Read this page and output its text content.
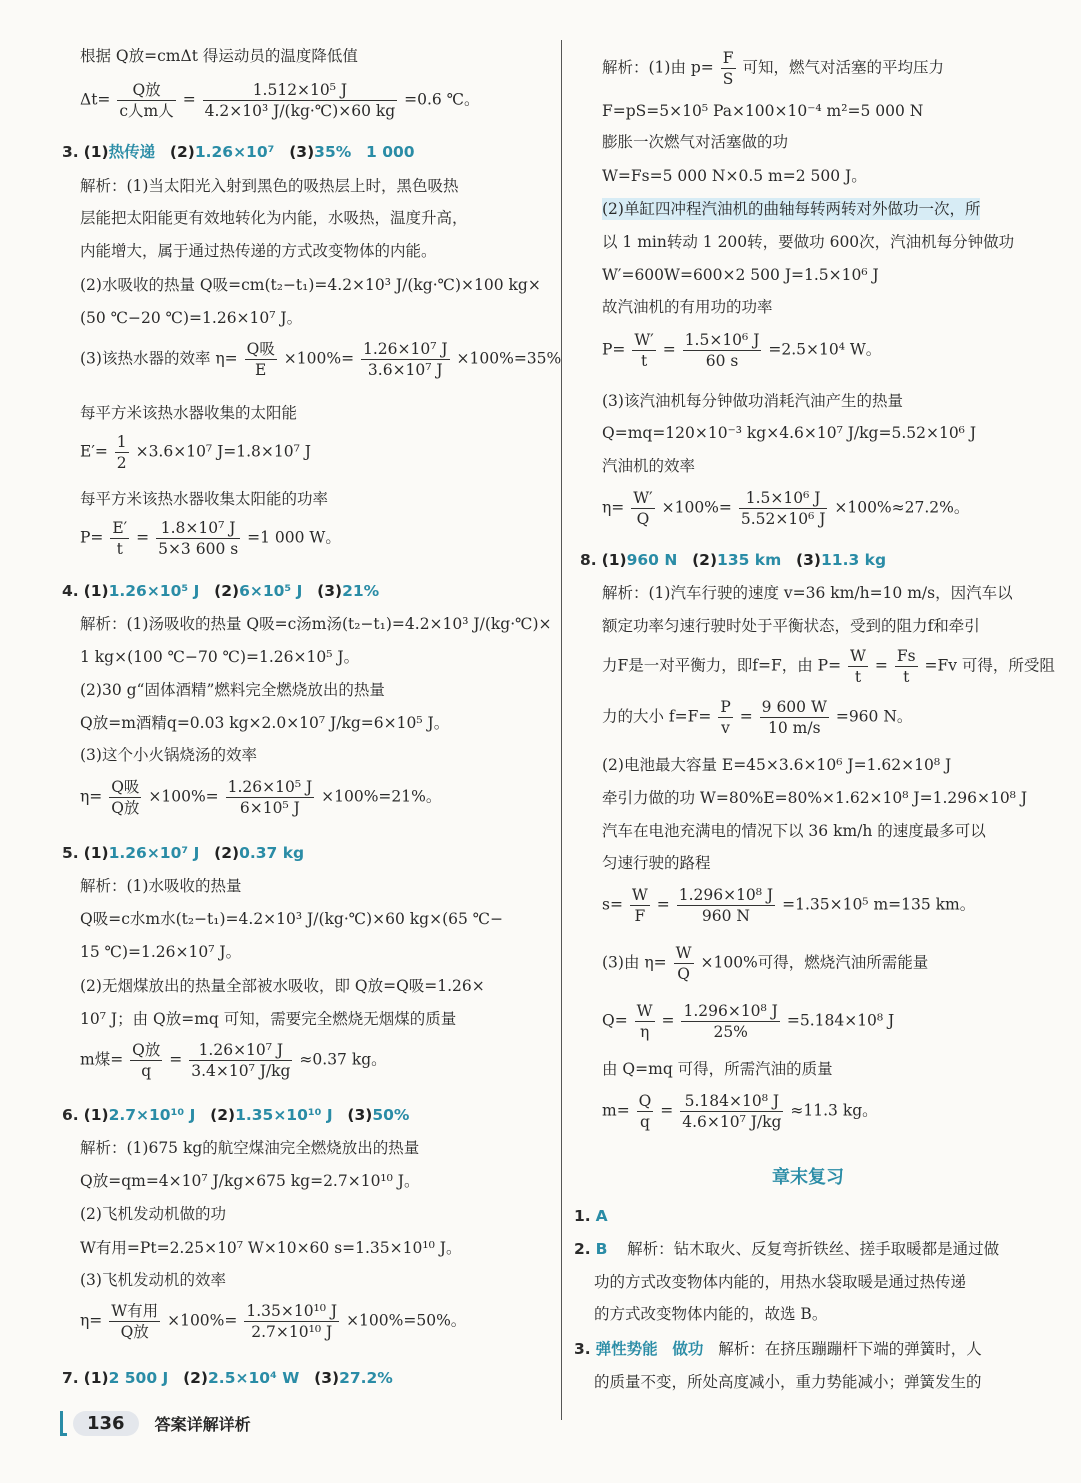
根据 Q放=cmΔt 得运动员的温度降低值
$\Delta t= \frac{\text{Q放}}{\text{c人m人}} = \frac{\text{1.512×10⁵ J}}{\text{4.2×10³ J/(kg·℃)×60 kg}} =0.6$ ℃。
3. (1)热传递 (2)1.26×10⁷ (3)35% 1 000
解析：(1)当太阳光入射到黑色的吸热层上时，黑色吸热
层能把太阳能更有效地转化为内能，水吸热，温度升高，
内能增大，属于通过热传递的方式改变物体的内能。
(2)水吸收的热量 Q吸=cm(t₂−t₁)=4.2×10³ J/(kg·℃)×100 kg×
(50 ℃−20 ℃)=1.26×10⁷ J。
(3)该热水器的效率 $\eta= \frac{\text{Q吸}}{E} \times 100\%= \frac{\text{1.26×10⁷ J}}{\text{3.6×10⁷ J}} \times 100\%=35\%$
每平方米该热水器收集的太阳能
$E'= \frac{1}{2} \times 3.6\times 10^7$ J=1.8×10⁷ J
每平方米该热水器收集太阳能的功率
$P= \frac{E'}{t} = \frac{\text{1.8×10⁷ J}}{5\times 3 600 s} =1$ 000 W。
4. (1)1.26×10⁵ J (2)6×10⁵ J (3)21%
解析：(1)汤吸收的热量 Q吸=c汤m汤(t₂−t₁)=4.2×10³ J/(kg·℃)×
1 kg×(100 ℃−70 ℃)=1.26×10⁵ J。
(2)30 g“固体酒精”燃料完全燃烧放出的热量
Q放=m酒精q=0.03 kg×2.0×10⁷ J/kg=6×10⁵ J。
(3)这个小火锅烧汤的效率
$\eta= \frac{\text{Q吸}}{\text{Q放}} \times 100\%= \frac{\text{1.26×10⁵ J}}{\text{6×10⁵ J}} \times 100\%=21\%$。
5. (1)1.26×10⁷ J (2)0.37 kg
解析：(1)水吸收的热量
Q吸=c水m水(t₂−t₁)=4.2×10³ J/(kg·℃)×60 kg×(65 ℃−
15 ℃)=1.26×10⁷ J。
(2)无烟煤放出的热量全部被水吸收，即 Q放=Q吸=1.26×
10⁷ J；由 Q放=mq 可知，需要完全燃烧无烟煤的质量
m煤= $\frac{\text{Q放}}{q} = \frac{\text{1.26×10⁷ J}}{\text{3.4×10⁷ J/kg}} \approx 0.37$ kg。
6. (1)2.7×10¹⁰ J (2)1.35×10¹⁰ J (3)50%
解析：(1)675 kg的航空煤油完全燃烧放出的热量
Q放=qm=4×10⁷ J/kg×675 kg=2.7×10¹⁰ J。
(2)飞机发动机做的功
W有用=Pt=2.25×10⁷ W×10×60 s=1.35×10¹⁰ J。
(3)飞机发动机的效率
$\eta= \frac{\text{W有用}}{\text{Q放}} \times 100\%= \frac{\text{1.35×10¹⁰ J}}{\text{2.7×10¹⁰ J}} \times 100\%=50\%$。
7. (1)2 500 J (2)2.5×10⁴ W (3)27.2%
解析：(1)由 $p= \frac{F}{S}$ 可知，燃气对活塞的平均压力
F=pS=5×10⁵ Pa×100×10⁻⁴ m²=5 000 N
膨胀一次燃气对活塞做的功
W=Fs=5 000 N×0.5 m=2 500 J。
(2)单缸四冲程汽油机的曲轴每转两转对外做功一次，所
以 1 min转动 1 200转，要做功 600次，汽油机每分钟做功
W′=600W=600×2 500 J=1.5×10⁶ J
故汽油机的有用功的功率
$P= \frac{W'}{t} = \frac{\text{1.5×10⁶ J}}{60 s} =2.5\times 10^4$ W。
(3)该汽油机每分钟做功消耗汽油产生的热量
Q=mq=120×10⁻³ kg×4.6×10⁷ J/kg=5.52×10⁶ J
汽油机的效率
$\eta= \frac{W'}{Q} \times 100\%= \frac{\text{1.5×10⁶ J}}{\text{5.52×10⁶ J}} \times 100\%\approx 27.2\%$。
8. (1)960 N (2)135 km (3)11.3 kg
解析：(1)汽车行驶的速度 v=36 km/h=10 m/s，因汽车以
额定功率匀速行驶时处于平衡状态，受到的阻力f和牵引
力F是一对平衡力，即f=F，由 $P= \frac{W}{t} = \frac{Fs}{t} =Fv$ 可得，所受阻
力的大小 $f=F= \frac{P}{v} = \frac{9 600 W}{10 m/s} =960$ N。
(2)电池最大容量 E=45×3.6×10⁶ J=1.62×10⁸ J
牵引力做的功 W=80%E=80%×1.62×10⁸ J=1.296×10⁸ J
汽车在电池充满电的情况下以 36 km/h 的速度最多可以
匀速行驶的路程
$s= \frac{W}{F} = \frac{\text{1.296×10⁸ J}}{960 N} =1.35\times 10^5$ m=135 km。
(3)由 $\eta= \frac{W}{Q} \times 100\%$可得，燃烧汽油所需能量
$Q= \frac{W}{\eta} = \frac{\text{1.296×10⁸ J}}{25\%} =5.184\times 10^8$ J
由 Q=mq 可得，所需汽油的质量
$m= \frac{Q}{q} = \frac{\text{5.184×10⁸ J}}{\text{4.6×10⁷ J/kg}} \approx 11.3$ kg。
1. A
2. B 解析：钻木取火、反复弯折铁丝、搓手取暖都是通过做
功的方式改变物体内能的，用热水袋取暖是通过热传递
的方式改变物体内能的，故选 B。
3. 弹性势能 做功 解析：在挤压蹦蹦杆下端的弹簧时，人
的质量不变，所处高度减小，重力势能减小；弹簧发生的
章末复习
136	答案详解详析
